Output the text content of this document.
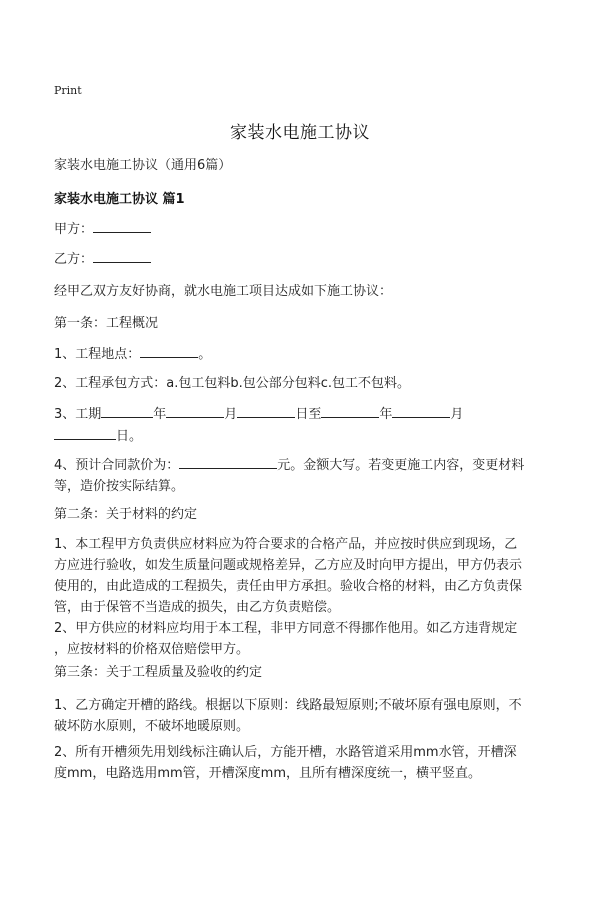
Print
家装水电施工协议
家装水电施工协议（通用6篇）
家装水电施工协议 篇1
甲方：
乙方：
经甲乙双方友好协商，就水电施工项目达成如下施工协议：
第一条：工程概况
1、工程地点：	。
2、工程承包方式：a.包工包料b.包公部分包料c.包工不包料。
3、工期	年	月	日至	年	月
日。
4、预计合同款价为：	元。金额大写。若变更施工内容，变更材料
等，造价按实际结算。
第二条：关于材料的约定
1、本工程甲方负责供应材料应为符合要求的合格产品，并应按时供应到现场，乙
方应进行验收，如发生质量问题或规格差异，乙方应及时向甲方提出，甲方仍表示
使用的，由此造成的工程损失，责任由甲方承担。验收合格的材料，由乙方负责保
管，由于保管不当造成的损失，由乙方负责赔偿。
2、甲方供应的材料应均用于本工程，非甲方同意不得挪作他用。如乙方违背规定
，应按材料的价格双倍赔偿甲方。
第三条：关于工程质量及验收的约定
1、乙方确定开槽的路线。根据以下原则：线路最短原则;不破坏原有强电原则，不
破坏防水原则，不破坏地暖原则。
2、所有开槽须先用划线标注确认后，方能开槽，水路管道采用mm水管，开槽深
度mm，电路选用mm管，开槽深度mm，且所有槽深度统一，横平竖直。
